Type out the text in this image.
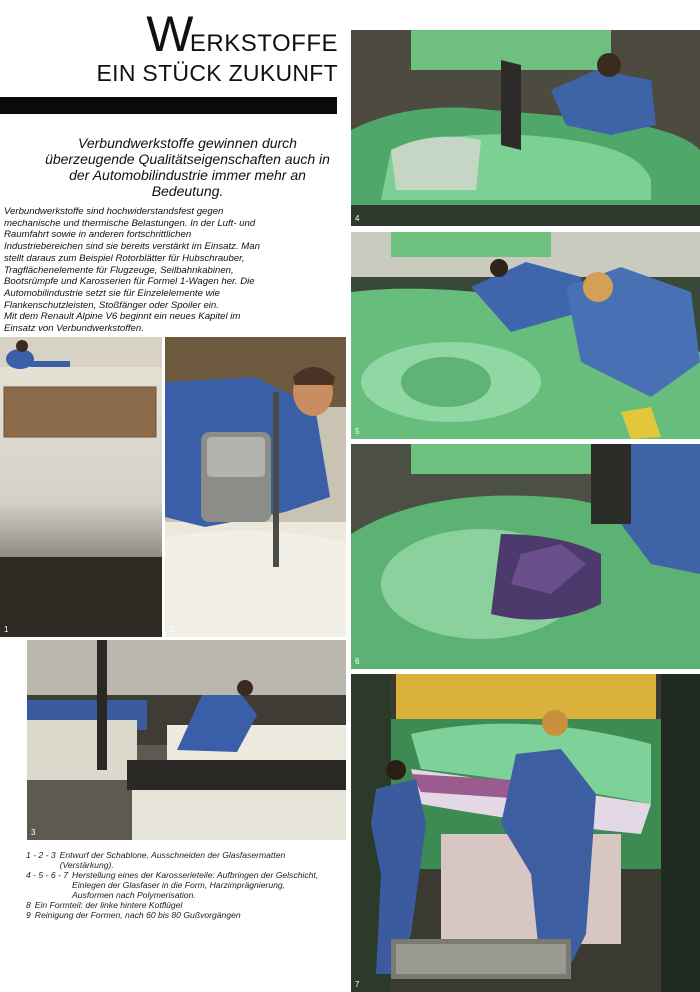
WERKSTOFFE
EIN STÜCK ZUKUNFT
Verbundwerkstoffe gewinnen durch überzeugende Qualitätseigenschaften auch in der Automobilindustrie immer mehr an Bedeutung.
Verbundwerkstoffe sind hochwiderstandsfest gegen
mechanische und thermische Belastungen. In der Luft- und
Raumfahrt sowie in anderen fortschrittlichen
Industriebereichen sind sie bereits verstärkt im Einsatz. Man
stellt daraus zum Beispiel Rotorblätter für Hubschrauber,
Tragflächenelemente für Flugzeuge, Seilbahnkabinen,
Bootsrümpfe und Karosserien für Formel 1-Wagen her. Die
Automobilindustrie setzt sie für Einzelelemente wie
Flankenschutzleisten, Stoßfänger oder Spoiler ein.
Mit dem Renault Alpine V6 beginnt ein neues Kapitel im
Einsatz von Verbundwerkstoffen.
1	2
3
4
5
6
7
1 - 2 - 3 Entwurf der Schablone, Ausschneiden der Glasfasermatten (Verstärkung).
4 - 5 - 6 - 7 Herstellung eines der Karosserieteile: Aufbringen der Gelschicht, Einlegen der Glasfaser in die Form, Harzimprägnierung, Ausformen nach Polymerisation.
8 Ein Formteil: der linke hintere Kotflügel
9 Reinigung der Formen, nach 60 bis 80 Gußvorgängen
